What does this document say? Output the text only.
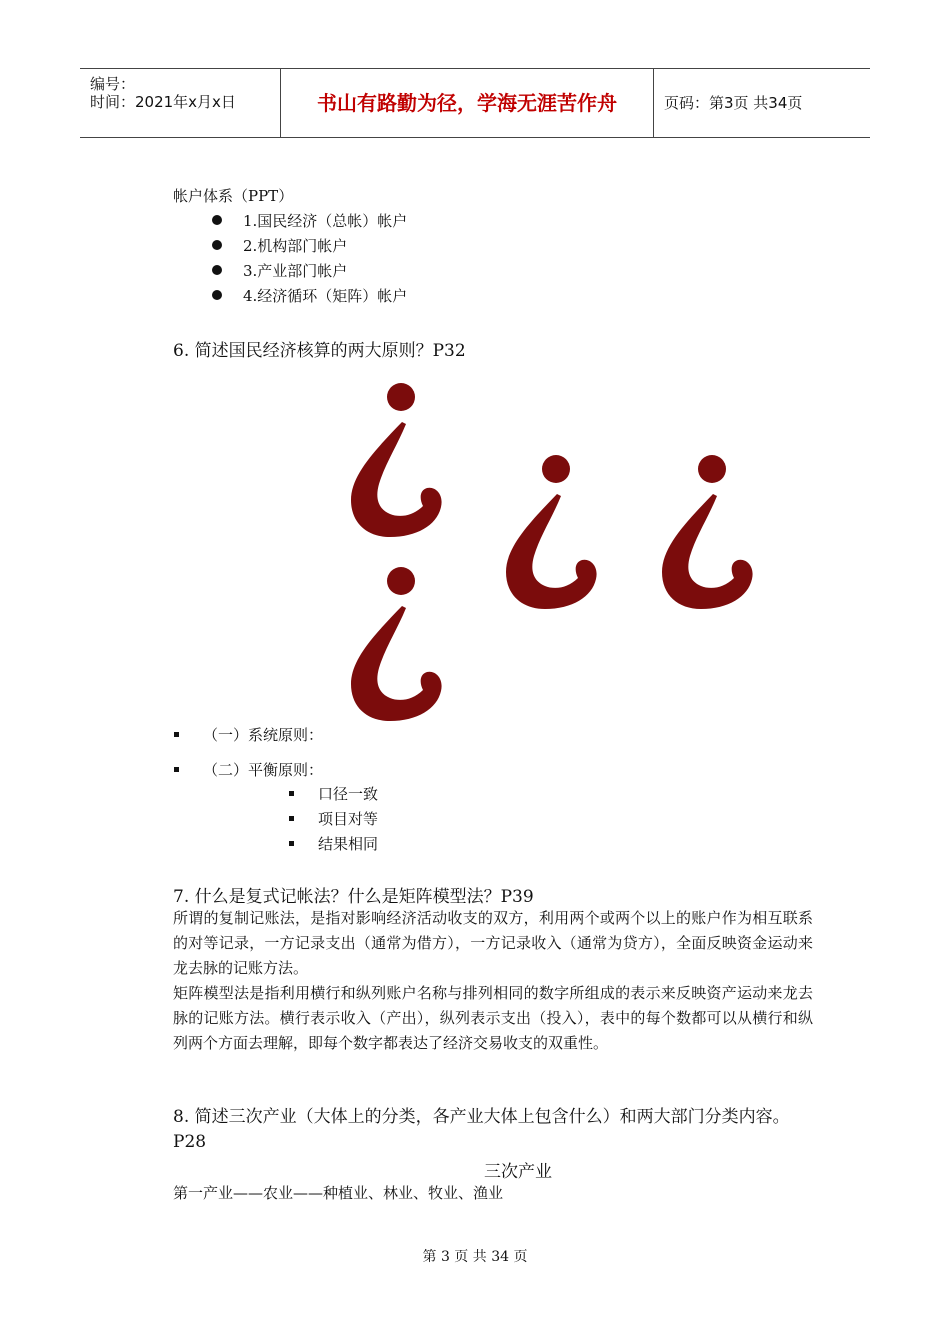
编号：
时间：2021年x月x日	书山有路勤为径，学海无涯苦作舟	页码：第3页 共34页
帐户体系（PPT）
1.国民经济（总帐）帐户
2.机构部门帐户
3.产业部门帐户
4.经济循环（矩阵）帐户
6. 简述国民经济核算的两大原则？P32
（一）系统原则：
（二）平衡原则：
口径一致
项目对等
结果相同
7. 什么是复式记帐法？什么是矩阵模型法？P39

所谓的复制记账法，是指对影响经济活动收支的双方，利用两个或两个以上的账户作为相互联系的对等记录，一方记录支出（通常为借方），一方记录收入（通常为贷方），全面反映资金运动来龙去脉的记账方法。

矩阵模型法是指利用横行和纵列账户名称与排列相同的数字所组成的表示来反映资产运动来龙去脉的记账方法。横行表示收入（产出），纵列表示支出（投入），表中的每个数都可以从横行和纵列两个方面去理解，即每个数字都表达了经济交易收支的双重性。

8. 简述三次产业（大体上的分类，各产业大体上包含什么）和两大部门分类内容。P28
三次产业
第一产业——农业——种植业、林业、牧业、渔业
第 3 页 共 34 页
